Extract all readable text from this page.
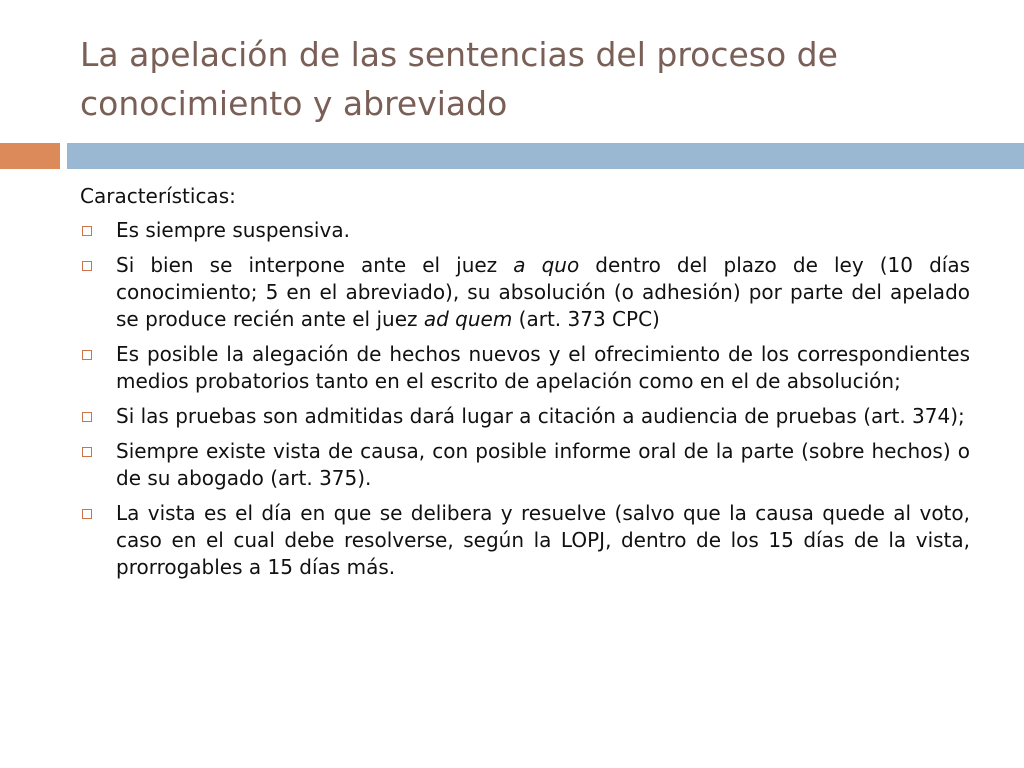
La apelación de las sentencias del proceso de conocimiento y abreviado
Características:
Es siempre suspensiva.
Si bien se interpone ante el juez a quo dentro del plazo de ley (10 días conocimiento; 5 en el abreviado), su absolución (o adhesión) por parte del apelado se produce recién ante el juez ad quem (art. 373 CPC)
Es posible la alegación de hechos nuevos y el ofrecimiento de los correspondientes medios probatorios tanto en el escrito de apelación como en el de absolución;
Si las pruebas son admitidas dará lugar a citación a audiencia de pruebas (art. 374);
Siempre existe vista de causa, con posible informe oral de la parte (sobre hechos) o de su abogado (art. 375).
La vista es el día en que se delibera y resuelve (salvo que la causa quede al voto, caso en el cual debe resolverse, según la LOPJ, dentro de los 15 días de la vista, prorrogables a 15 días más.
